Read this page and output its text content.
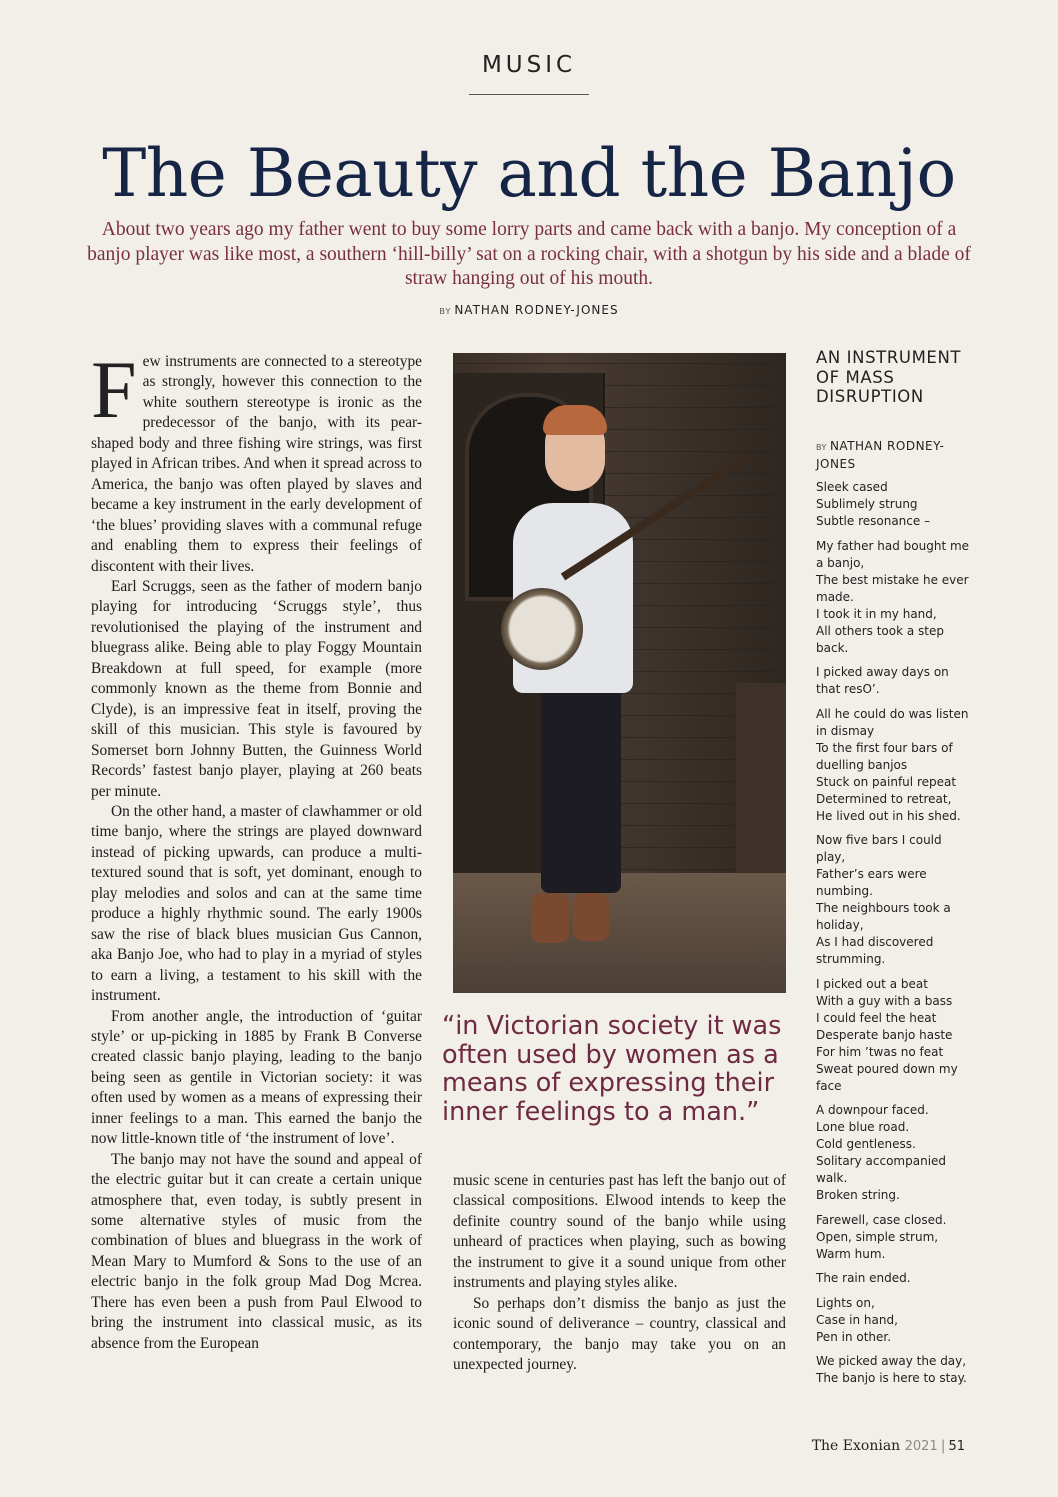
MUSIC
The Beauty and the Banjo
About two years ago my father went to buy some lorry parts and came back with a banjo. My conception of a banjo player was like most, a southern ‘hill-billy’ sat on a rocking chair, with a shotgun by his side and a blade of straw hanging out of his mouth.
BY NATHAN RODNEY-JONES

Few instruments are connected to a stereotype as strongly, however this connection to the white southern stereotype is ironic as the predecessor of the banjo, with its pear-shaped body and three fishing wire strings, was first played in African tribes. And when it spread across to America, the banjo was often played by slaves and became a key instrument in the early development of ‘the blues’ providing slaves with a communal refuge and enabling them to express their feelings of discontent with their lives.

Earl Scruggs, seen as the father of modern banjo playing for introducing ‘Scruggs style’, thus revolutionised the playing of the instrument and bluegrass alike. Being able to play Foggy Mountain Breakdown at full speed, for example (more commonly known as the theme from Bonnie and Clyde), is an impressive feat in itself, proving the skill of this musician. This style is favoured by Somerset born Johnny Butten, the Guinness World Records’ fastest banjo player, playing at 260 beats per minute.

On the other hand, a master of clawhammer or old time banjo, where the strings are played downward instead of picking upwards, can produce a multi-textured sound that is soft, yet dominant, enough to play melodies and solos and can at the same time produce a highly rhythmic sound. The early 1900s saw the rise of black blues musician Gus Cannon, aka Banjo Joe, who had to play in a myriad of styles to earn a living, a testament to his skill with the instrument.

From another angle, the introduction of ‘guitar style’ or up-picking in 1885 by Frank B Converse created classic banjo playing, leading to the banjo being seen as gentile in Victorian society: it was often used by women as a means of expressing their inner feelings to a man. This earned the banjo the now little-known title of ‘the instrument of love’.

The banjo may not have the sound and appeal of the electric guitar but it can create a certain unique atmosphere that, even today, is subtly present in some alternative styles of music from the combination of blues and bluegrass in the work of Mean Mary to Mumford & Sons to the use of an electric banjo in the folk group Mad Dog Mcrea. There has even been a push from Paul Elwood to bring the instrument into classical music, as its absence from the European

“in Victorian society it was often used by women as a means of expressing their inner feelings to a man.”

music scene in centuries past has left the banjo out of classical compositions. Elwood intends to keep the definite country sound of the banjo while using unheard of practices when playing, such as bowing the instrument to give it a sound unique from other instruments and playing styles alike.

So perhaps don’t dismiss the banjo as just the iconic sound of deliverance – country, classical and contemporary, the banjo may take you on an unexpected journey.

AN INSTRUMENT OF MASS DISRUPTION
BY NATHAN RODNEY-JONES
Sleek cased
Sublimely strung
Subtle resonance –
My father had bought me a banjo,
The best mistake he ever made.
I took it in my hand,
All others took a step back.
I picked away days on that resO’.
All he could do was listen in dismay
To the first four bars of duelling banjos
Stuck on painful repeat
Determined to retreat,
He lived out in his shed.
Now five bars I could play,
Father’s ears were numbing.
The neighbours took a holiday,
As I had discovered strumming.
I picked out a beat
With a guy with a bass
I could feel the heat
Desperate banjo haste
For him ’twas no feat
Sweat poured down my face
A downpour faced.
Lone blue road.
Cold gentleness.
Solitary accompanied walk.
Broken string.
Farewell, case closed.
Open, simple strum,
Warm hum.
The rain ended.
Lights on,
Case in hand,
Pen in other.
We picked away the day,
The banjo is here to stay.
The Exonian 2021 | 51
